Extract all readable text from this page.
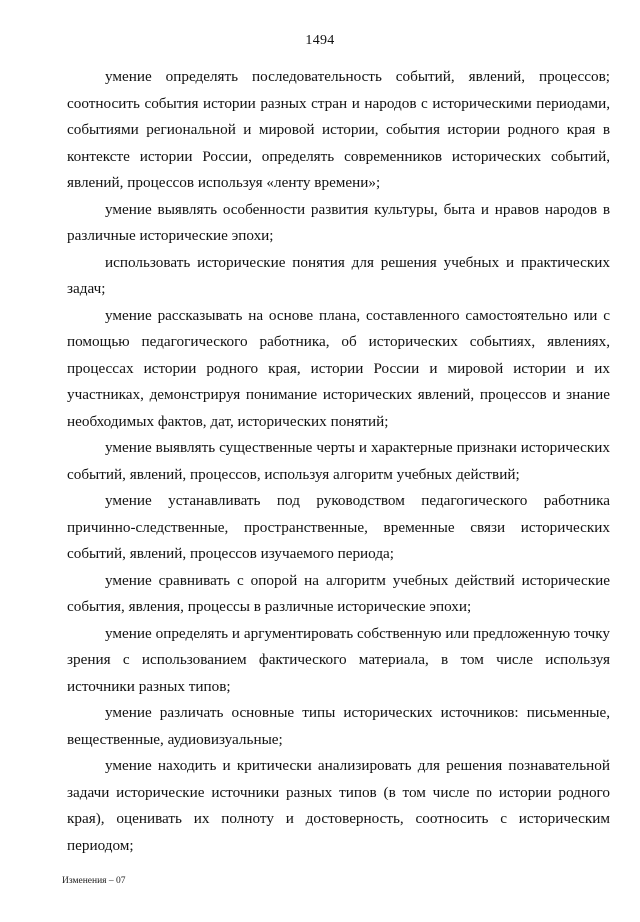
1494

умение определять последовательность событий, явлений, процессов; соотносить события истории разных стран и народов с историческими периодами, событиями региональной и мировой истории, события истории родного края в контексте истории России, определять современников исторических событий, явлений, процессов используя «ленту времени»;

умение выявлять особенности развития культуры, быта и нравов народов в различные исторические эпохи;

использовать исторические понятия для решения учебных и практических задач;

умение рассказывать на основе плана, составленного самостоятельно или с помощью педагогического работника, об исторических событиях, явлениях, процессах истории родного края, истории России и мировой истории и их участниках, демонстрируя понимание исторических явлений, процессов и знание необходимых фактов, дат, исторических понятий;

умение выявлять существенные черты и характерные признаки исторических событий, явлений, процессов, используя алгоритм учебных действий;

умение устанавливать под руководством педагогического работника причинно-следственные, пространственные, временные связи исторических событий, явлений, процессов изучаемого периода;

умение сравнивать с опорой на алгоритм учебных действий исторические события, явления, процессы в различные исторические эпохи;

умение определять и аргументировать собственную или предложенную точку зрения с использованием фактического материала, в том числе используя источники разных типов;

умение различать основные типы исторических источников: письменные, вещественные, аудиовизуальные;

умение находить и критически анализировать для решения познавательной задачи исторические источники разных типов (в том числе по истории родного края), оценивать их полноту и достоверность, соотносить с историческим периодом;

Изменения – 07
